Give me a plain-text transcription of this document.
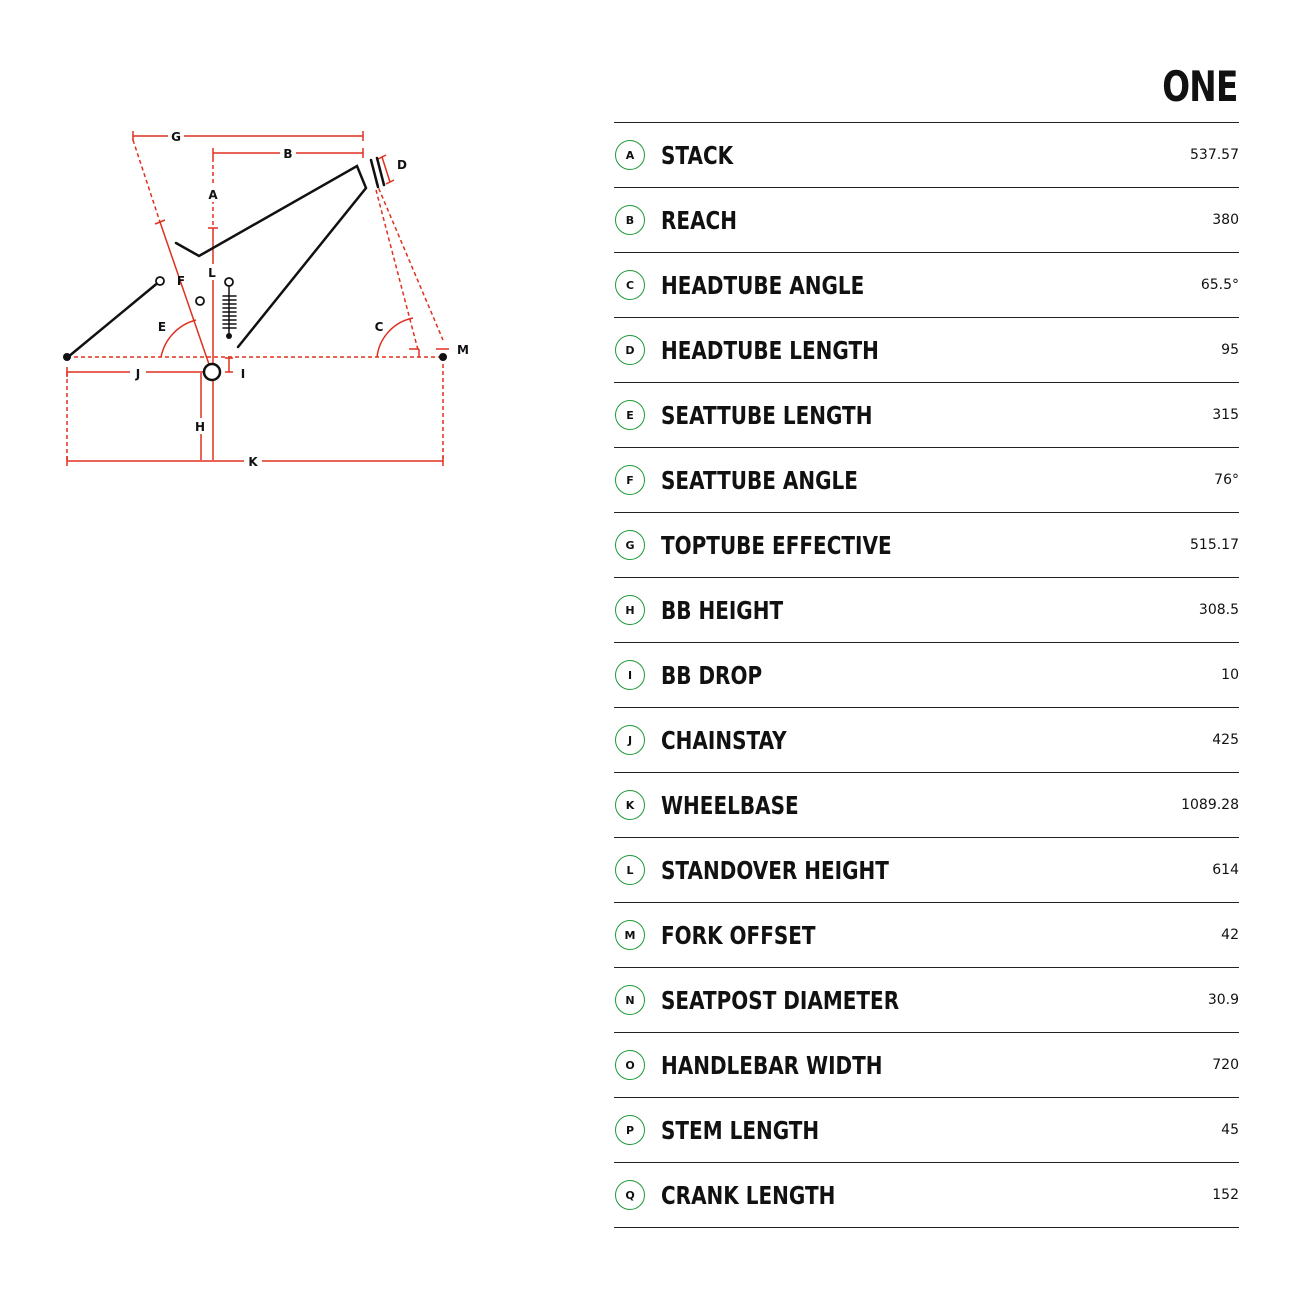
G
B
D
A
L
F
E	C
M
J	I
H
K
ONE
A	STACK	537.57
B	REACH	380
C	HEADTUBE ANGLE	65.5°
D	HEADTUBE LENGTH	95
E	SEATTUBE LENGTH	315
F	SEATTUBE ANGLE	76°
G	TOPTUBE EFFECTIVE	515.17
H	BB HEIGHT	308.5
I	BB DROP	10
J	CHAINSTAY	425
K	WHEELBASE	1089.28
L	STANDOVER HEIGHT	614
M	FORK OFFSET	42
N	SEATPOST DIAMETER	30.9
O	HANDLEBAR WIDTH	720
P	STEM LENGTH	45
Q	CRANK LENGTH	152
